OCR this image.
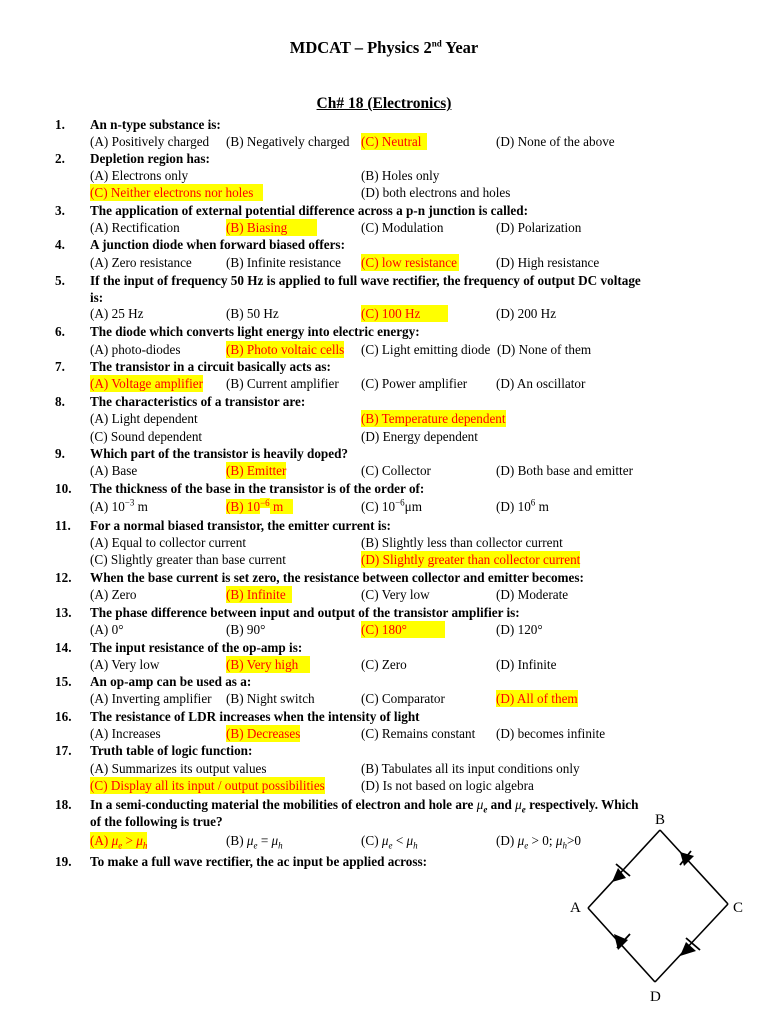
MDCAT – Physics 2nd Year
Ch# 18 (Electronics)
1. An n-type substance is:
(A) Positively charged (B) Negatively charged (C) Neutral	(D) None of the above
2. Depletion region has:
(A) Electrons only	(B) Holes only
(C) Neither electrons nor holes	(D) both electrons and holes
3. The application of external potential difference across a p-n junction is called:
(A) Rectification	(B) Biasing	(C) Modulation	(D) Polarization
4. A junction diode when forward biased offers:
(A) Zero resistance	(B) Infinite resistance (C) low resistance	(D) High resistance
5. If the input of frequency 50 Hz is applied to full wave rectifier, the frequency of output DC voltage
is:
(A) 25 Hz	(B) 50 Hz	(C) 100 Hz	(D) 200 Hz
6. The diode which converts light energy into electric energy:
(A) photo-diodes	(B) Photo voltaic cells (C) Light emitting diode (D) None of them
7. The transistor in a circuit basically acts as:
(A) Voltage amplifier (B) Current amplifier (C) Power amplifier (D) An oscillator
8. The characteristics of a transistor are:
(A) Light dependent	(B) Temperature dependent
(C) Sound dependent	(D) Energy dependent
9. Which part of the transistor is heavily doped?
(A) Base	(B) Emitter	(C) Collector	(D) Both base and emitter
10. The thickness of the base in the transistor is of the order of:
(A) $10^{-3}$ m	(B) $10^{-6}$ m	(C) $10^{-6}\mu m$	(D) $10^6$ m
11. For a normal biased transistor, the emitter current is:
(A) Equal to collector current	(B) Slightly less than collector current
(C) Slightly greater than base current	(D) Slightly greater than collector current
12. When the base current is set zero, the resistance between collector and emitter becomes:
(A) Zero	(B) Infinite	(C) Very low	(D) Moderate
13. The phase difference between input and output of the transistor amplifier is:
(A) 0°	(B) 90°	(C) 180°	(D) 120°
14. The input resistance of the op-amp is:
(A) Very low	(B) Very high	(C) Zero	(D) Infinite
15. An op-amp can be used as a:
(A) Inverting amplifier (B) Night switch	(C) Comparator	(D) All of them
16. The resistance of LDR increases when the intensity of light
(A) Increases	(B) Decreases	(C) Remains constant (D) becomes infinite
17. Truth table of logic function:
(A) Summarizes its output values	(B) Tabulates all its input conditions only
(C) Display all its input / output possibilities	(D) Is not based on logic algebra
18. In a semi-conducting material the mobilities of electron and hole are $\mu_e$ and $\mu_e$ respectively. Which
of the following is true?
(A) $\mu_e > \mu_h$	(B) $\mu_e = \mu_h$	(C) $\mu_e < \mu_h$	(D) $\mu_e > 0$; $\mu_h>0$
19. To make a full wave rectifier, the ac input be applied across:
A
B
C
D
